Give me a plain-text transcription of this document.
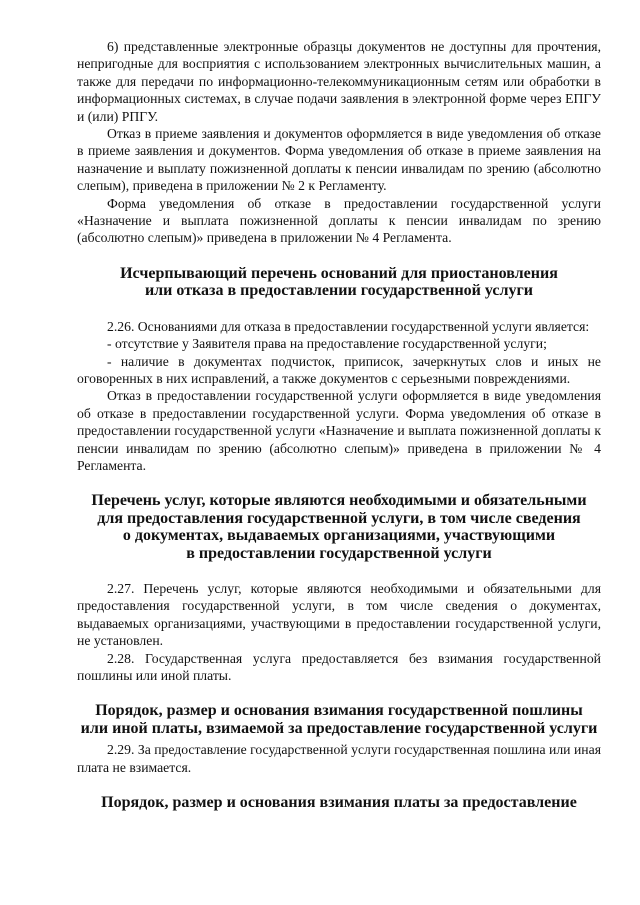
6) представленные электронные образцы документов не доступны для прочтения, непригодные для восприятия с использованием электронных вычислительных машин, а также для передачи по информационно-телекоммуникационным сетям или обработки в информационных системах, в случае подачи заявления в электронной форме через ЕПГУ и (или) РПГУ.

Отказ в приеме заявления и документов оформляется в виде уведомления об отказе в приеме заявления и документов. Форма уведомления об отказе в приеме заявления на назначение и выплату пожизненной доплаты к пенсии инвалидам по зрению (абсолютно слепым), приведена в приложении № 2 к Регламенту.

Форма уведомления об отказе в предоставлении государственной услуги «Назначение и выплата пожизненной доплаты к пенсии инвалидам по зрению (абсолютно слепым)» приведена в приложении № 4 Регламента.

Исчерпывающий перечень оснований для приостановления
или отказа в предоставлении государственной услуги

2.26. Основаниями для отказа в предоставлении государственной услуги является:

- отсутствие у Заявителя права на предоставление государственной услуги;

- наличие в документах подчисток, приписок, зачеркнутых слов и иных не оговоренных в них исправлений, а также документов с серьезными повреждениями.

Отказ в предоставлении государственной услуги оформляется в виде уведомления об отказе в предоставлении государственной услуги. Форма уведомления об отказе в предоставлении государственной услуги «Назначение и выплата пожизненной доплаты к пенсии инвалидам по зрению (абсолютно слепым)» приведена в приложении № 4 Регламента.

Перечень услуг, которые являются необходимыми и обязательными
для предоставления государственной услуги, в том числе сведения
о документах, выдаваемых организациями, участвующими
в предоставлении государственной услуги

2.27. Перечень услуг, которые являются необходимыми и обязательными для предоставления государственной услуги, в том числе сведения о документах, выдаваемых организациями, участвующими в предоставлении государственной услуги, не установлен.

2.28. Государственная услуга предоставляется без взимания государственной пошлины или иной платы.

Порядок, размер и основания взимания государственной пошлины
или иной платы, взимаемой за предоставление государственной услуги

2.29. За предоставление государственной услуги государственная пошлина или иная плата не взимается.

Порядок, размер и основания взимания платы за предоставление
